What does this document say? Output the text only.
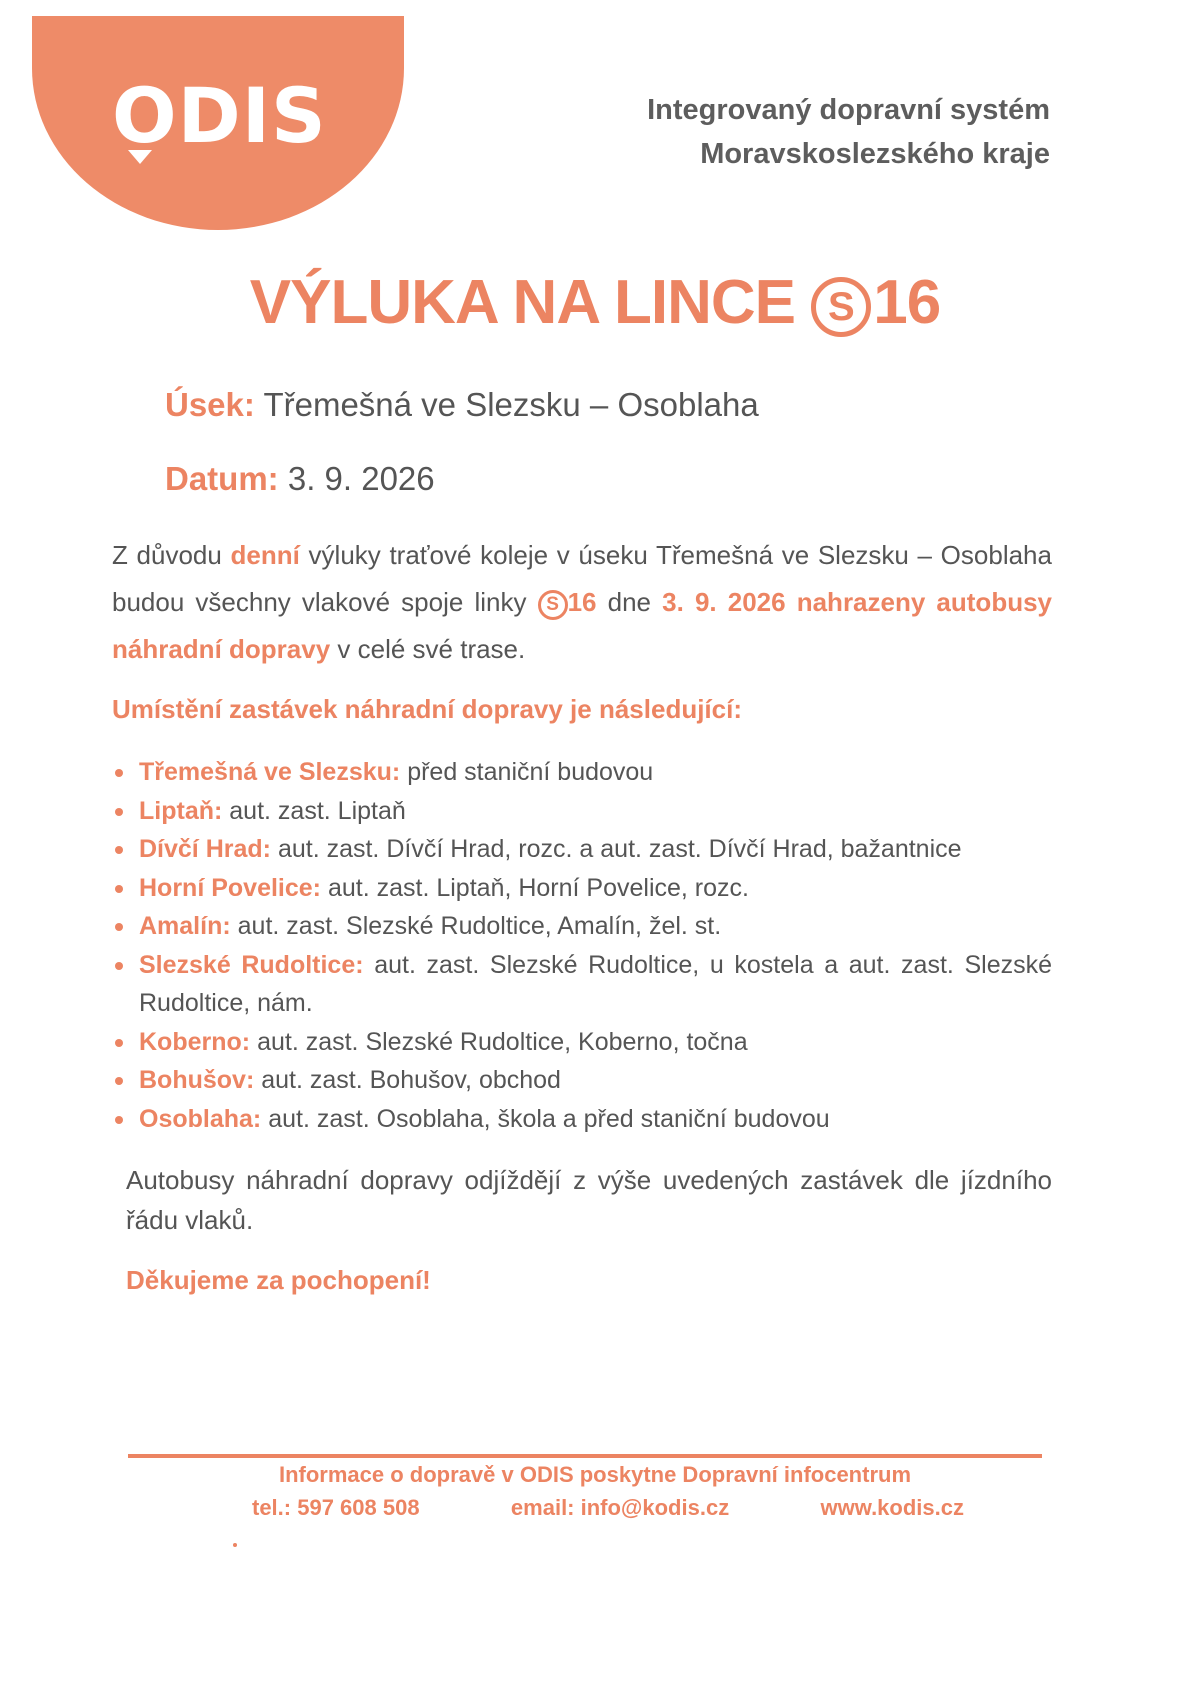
ODIS	Integrovaný dopravní systém
Moravskoslezského kraje
VÝLUKA NA LINCE S 16
Úsek: Třemešná ve Slezsku – Osoblaha
Datum: 3. 9. 2026
Z důvodu denní výluky traťové koleje v úseku Třemešná ve Slezsku – Osoblaha budou všechny vlakové spoje linky S 16 dne 3. 9. 2026 nahrazeny autobusy náhradní dopravy v celé své trase.
Umístění zastávek náhradní dopravy je následující:
Třemešná ve Slezsku: před staniční budovou
Liptaň: aut. zast. Liptaň
Dívčí Hrad: aut. zast. Dívčí Hrad, rozc. a aut. zast. Dívčí Hrad, bažantnice
Horní Povelice: aut. zast. Liptaň, Horní Povelice, rozc.
Amalín: aut. zast. Slezské Rudoltice, Amalín, žel. st.
Slezské Rudoltice: aut. zast. Slezské Rudoltice, u kostela a aut. zast. Slezské Rudoltice, nám.
Koberno: aut. zast. Slezské Rudoltice, Koberno, točna
Bohušov: aut. zast. Bohušov, obchod
Osoblaha: aut. zast. Osoblaha, škola a před staniční budovou
Autobusy náhradní dopravy odjíždějí z výše uvedených zastávek dle jízdního řádu vlaků.
Děkujeme za pochopení!
Informace o dopravě v ODIS poskytne Dopravní infocentrum
tel.: 597 608 508	email: info@kodis.cz	www.kodis.cz
